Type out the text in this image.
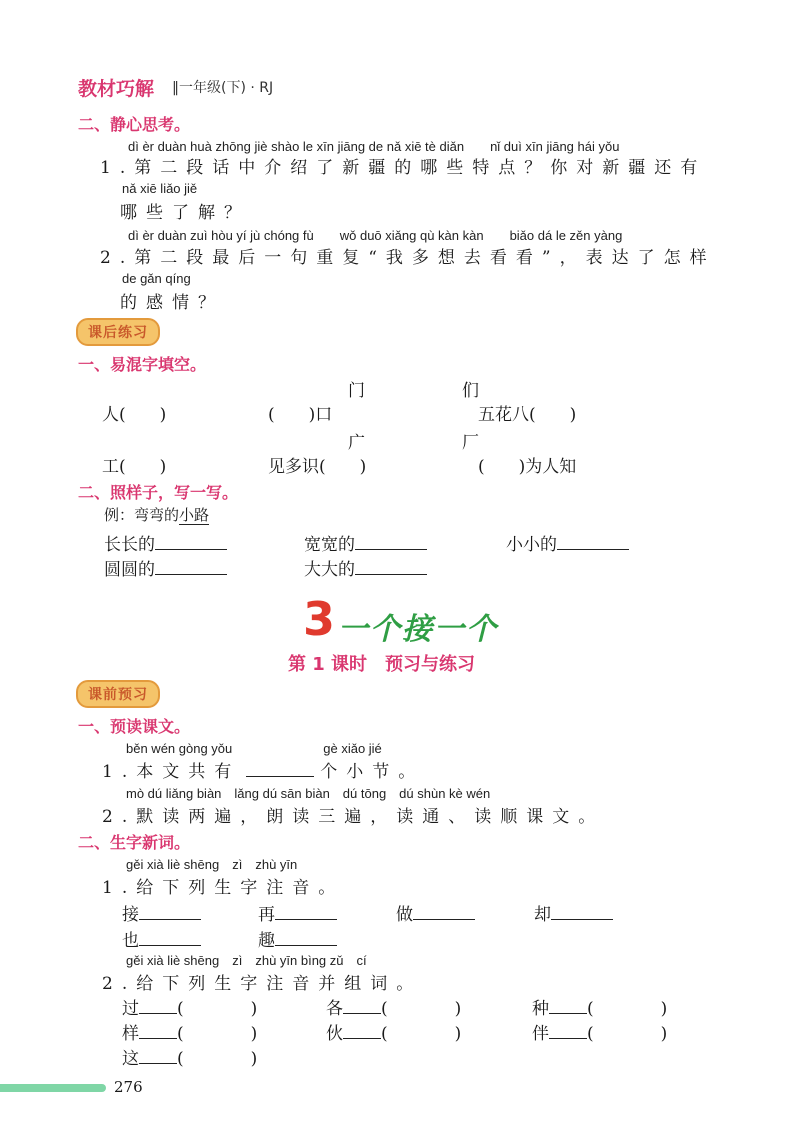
教材巧解 ‖一年级(下) · RJ
二、静心思考。
dì èr duàn huà zhōng jiè shào le xīn jiāng de nǎ xiē tè diǎn　　nǐ duì xīn jiāng hái yǒu
1.第二段话中介绍了新疆的哪些特点？你对新疆还有
nǎ xiē liǎo jiě
哪些了解？
dì èr duàn zuì hòu yí jù chóng fù　　wǒ duō xiǎng qù kàn kàn　　biǎo dá le zěn yàng
2.第二段最后一句重复“我多想去看看”，表达了怎样
de gǎn qíng
的感情？
课后练习
一、易混字填空。
门	们
人(　　)	(　　)口	五花八(　　)
广	厂
工(　　)	见多识(　　)	(　　)为人知
二、照样子，写一写。
例：弯弯的小路
长长的	宽宽的	小小的
圆圆的	大大的
3 一个接一个
第 1 课时　预习与练习
课前预习
一、预读课文。
běn wén gòng yǒu　　　　　　　gè xiǎo jié
1.本文共有	个小节。
mò dú liǎng biàn　lǎng dú sān biàn　dú tōng　dú shùn kè wén
2.默读两遍，朗读三遍，读通、读顺课文。
二、生字新词。
gěi xià liè shēng　zì　zhù yīn
1.给下列生字注音。
接	再	做	却
也	趣
gěi xià liè shēng　zì　zhù yīn bìng zǔ　cí
2.给下列生字注音并组词。
过 (　　　)	各 (　　　)	种 (　　　)
样 (　　　)	伙 (　　　)	伴 (　　　)
这 (　　　)
276
